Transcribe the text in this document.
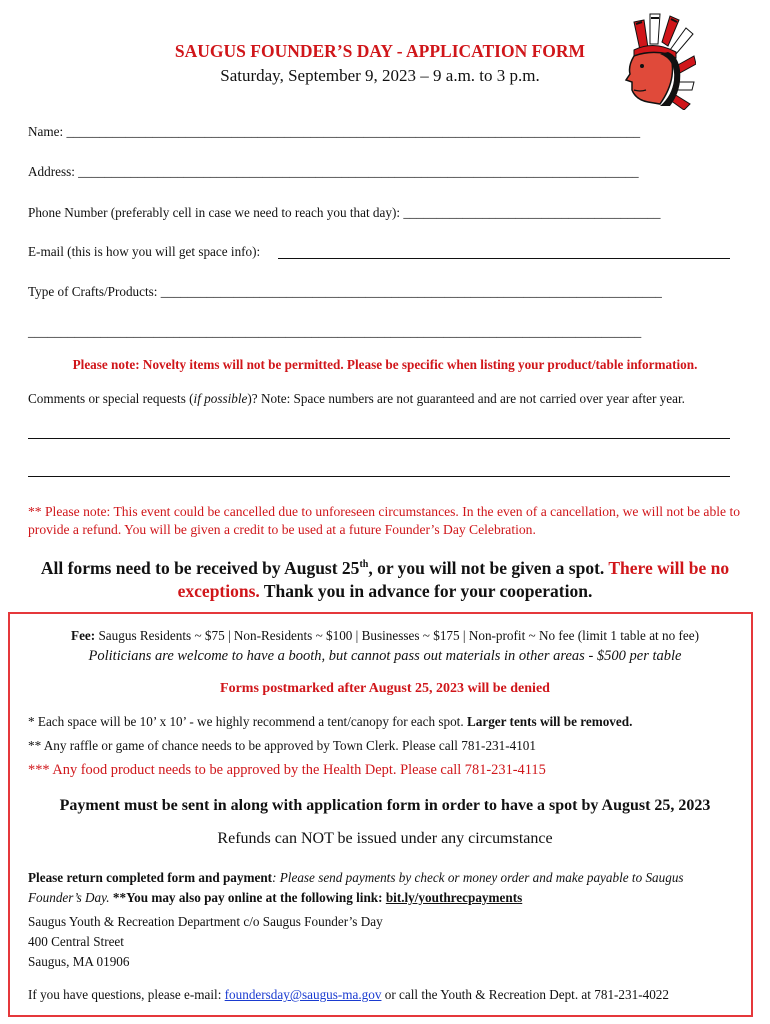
SAUGUS FOUNDER’S DAY - APPLICATION FORM
Saturday, September 9, 2023 – 9 a.m. to 3 p.m.
Name: _______________________________________________________________________________________
Address: _____________________________________________________________________________________
Phone Number (preferably cell in case we need to reach you that day): _______________________________________
E-mail (this is how you will get space info):
Type of Crafts/Products: ____________________________________________________________________________
_____________________________________________________________________________________________
Please note: Novelty items will not be permitted. Please be specific when listing your product/table information.
Comments or special requests (if possible)? Note: Space numbers are not guaranteed and are not carried over year after year.
** Please note: This event could be cancelled due to unforeseen circumstances. In the even of a cancellation, we will not be able to provide a refund. You will be given a credit to be used at a future Founder’s Day Celebration.
All forms need to be received by August 25th, or you will not be given a spot. There will be no exceptions. Thank you in advance for your cooperation.
Fee: Saugus Residents ~ $75 | Non-Residents ~ $100 | Businesses ~ $175 | Non-profit ~ No fee (limit 1 table at no fee)
Politicians are welcome to have a booth, but cannot pass out materials in other areas - $500 per table
Forms postmarked after August 25, 2023 will be denied
* Each space will be 10’ x 10’ - we highly recommend a tent/canopy for each spot. Larger tents will be removed.
** Any raffle or game of chance needs to be approved by Town Clerk. Please call 781-231-4101
*** Any food product needs to be approved by the Health Dept. Please call 781-231-4115
Payment must be sent in along with application form in order to have a spot by August 25, 2023
Refunds can NOT be issued under any circumstance
Please return completed form and payment: Please send payments by check or money order and make payable to Saugus Founder’s Day. **You may also pay online at the following link: bit.ly/youthrecpayments
Saugus Youth & Recreation Department c/o Saugus Founder’s Day
400 Central Street
Saugus, MA 01906
If you have questions, please e-mail: foundersday@saugus-ma.gov or call the Youth & Recreation Dept. at 781-231-4022
